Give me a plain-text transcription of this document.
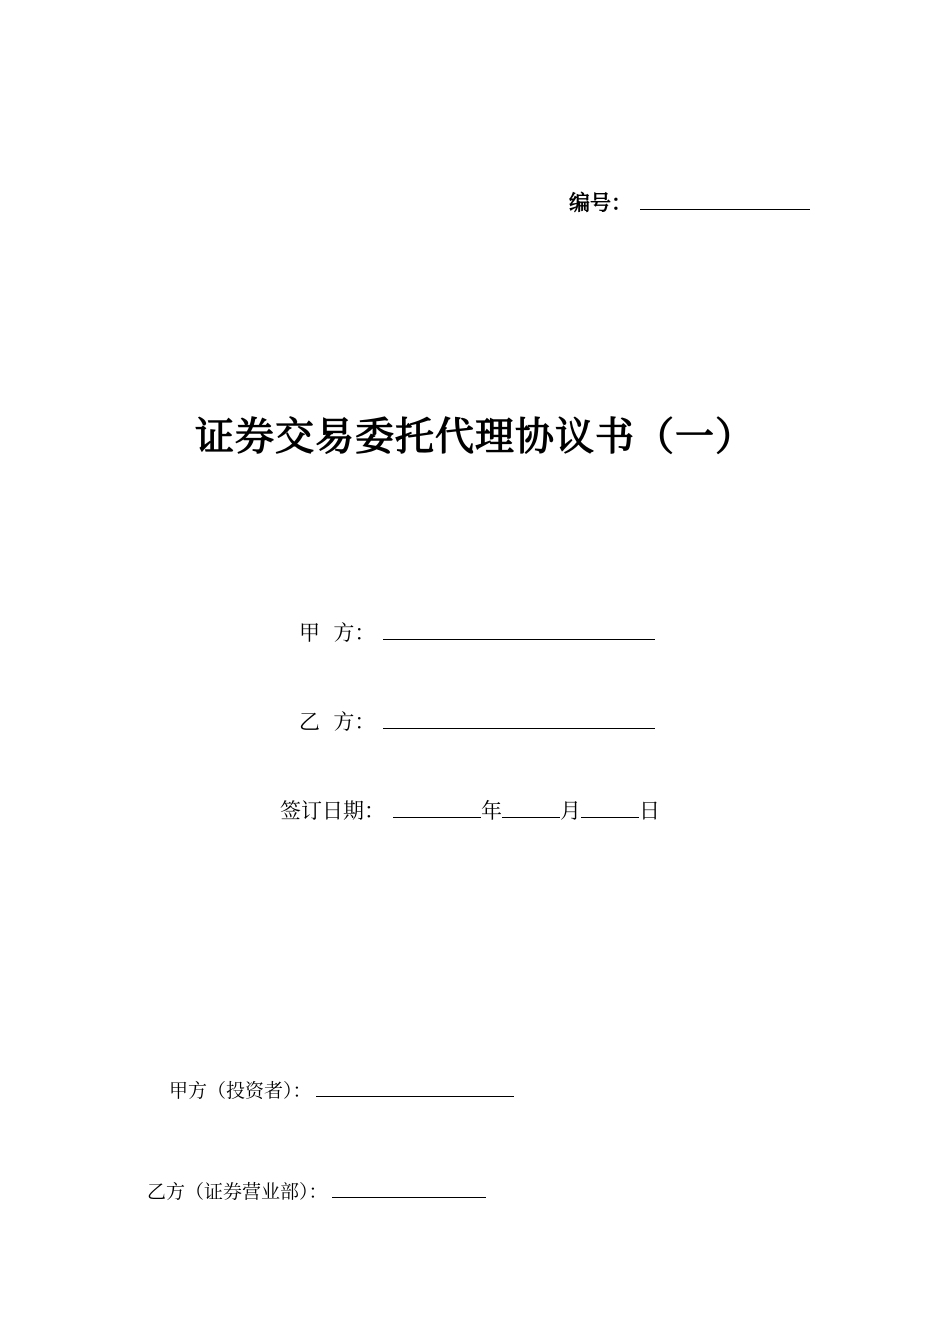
编号：
证券交易委托代理协议书（一）
甲  方：
乙  方：
签订日期：	年	月	日
甲方（投资者）：
乙方（证券营业部）：
